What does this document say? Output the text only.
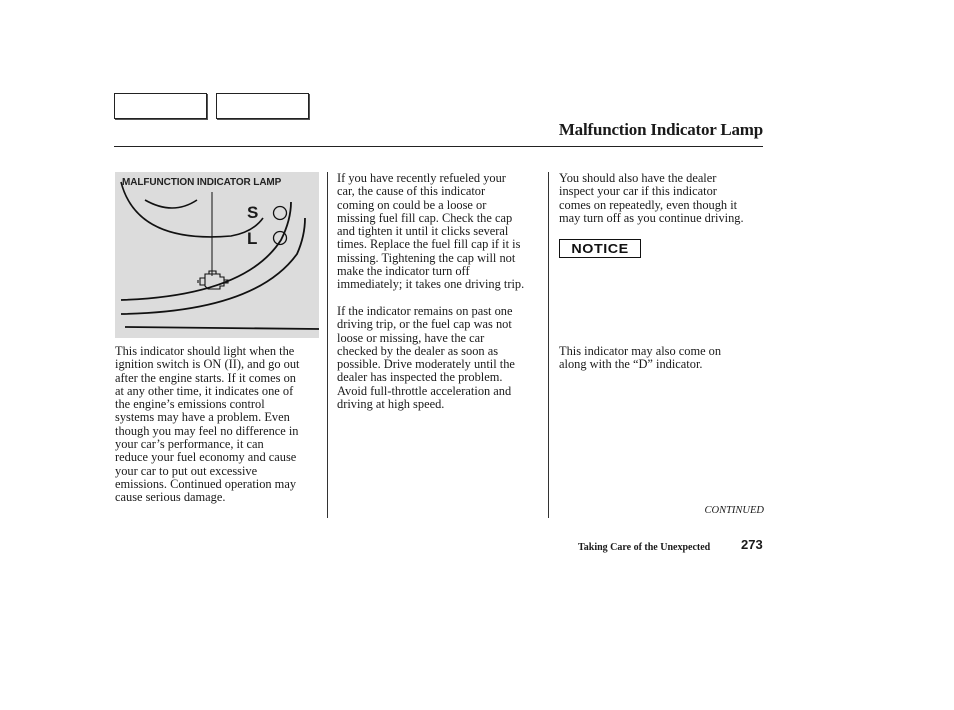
Malfunction Indicator Lamp
MALFUNCTION INDICATOR LAMP
S
L
This indicator should light when the
ignition switch is ON (II), and go out
after the engine starts. If it comes on
at any other time, it indicates one of
the engine’s emissions control
systems may have a problem. Even
though you may feel no difference in
your car’s performance, it can
reduce your fuel economy and cause
your car to put out excessive
emissions. Continued operation may
cause serious damage.
If you have recently refueled your
car, the cause of this indicator
coming on could be a loose or
missing fuel fill cap. Check the cap
and tighten it until it clicks several
times. Replace the fuel fill cap if it is
missing. Tightening the cap will not
make the indicator turn off
immediately; it takes one driving trip.
If the indicator remains on past one
driving trip, or the fuel cap was not
loose or missing, have the car
checked by the dealer as soon as
possible. Drive moderately until the
dealer has inspected the problem.
Avoid full-throttle acceleration and
driving at high speed.
You should also have the dealer
inspect your car if this indicator
comes on repeatedly, even though it
may turn off as you continue driving.
NOTICE
This indicator may also come on
along with the “D” indicator.
CONTINUED
Taking Care of the Unexpected 273
